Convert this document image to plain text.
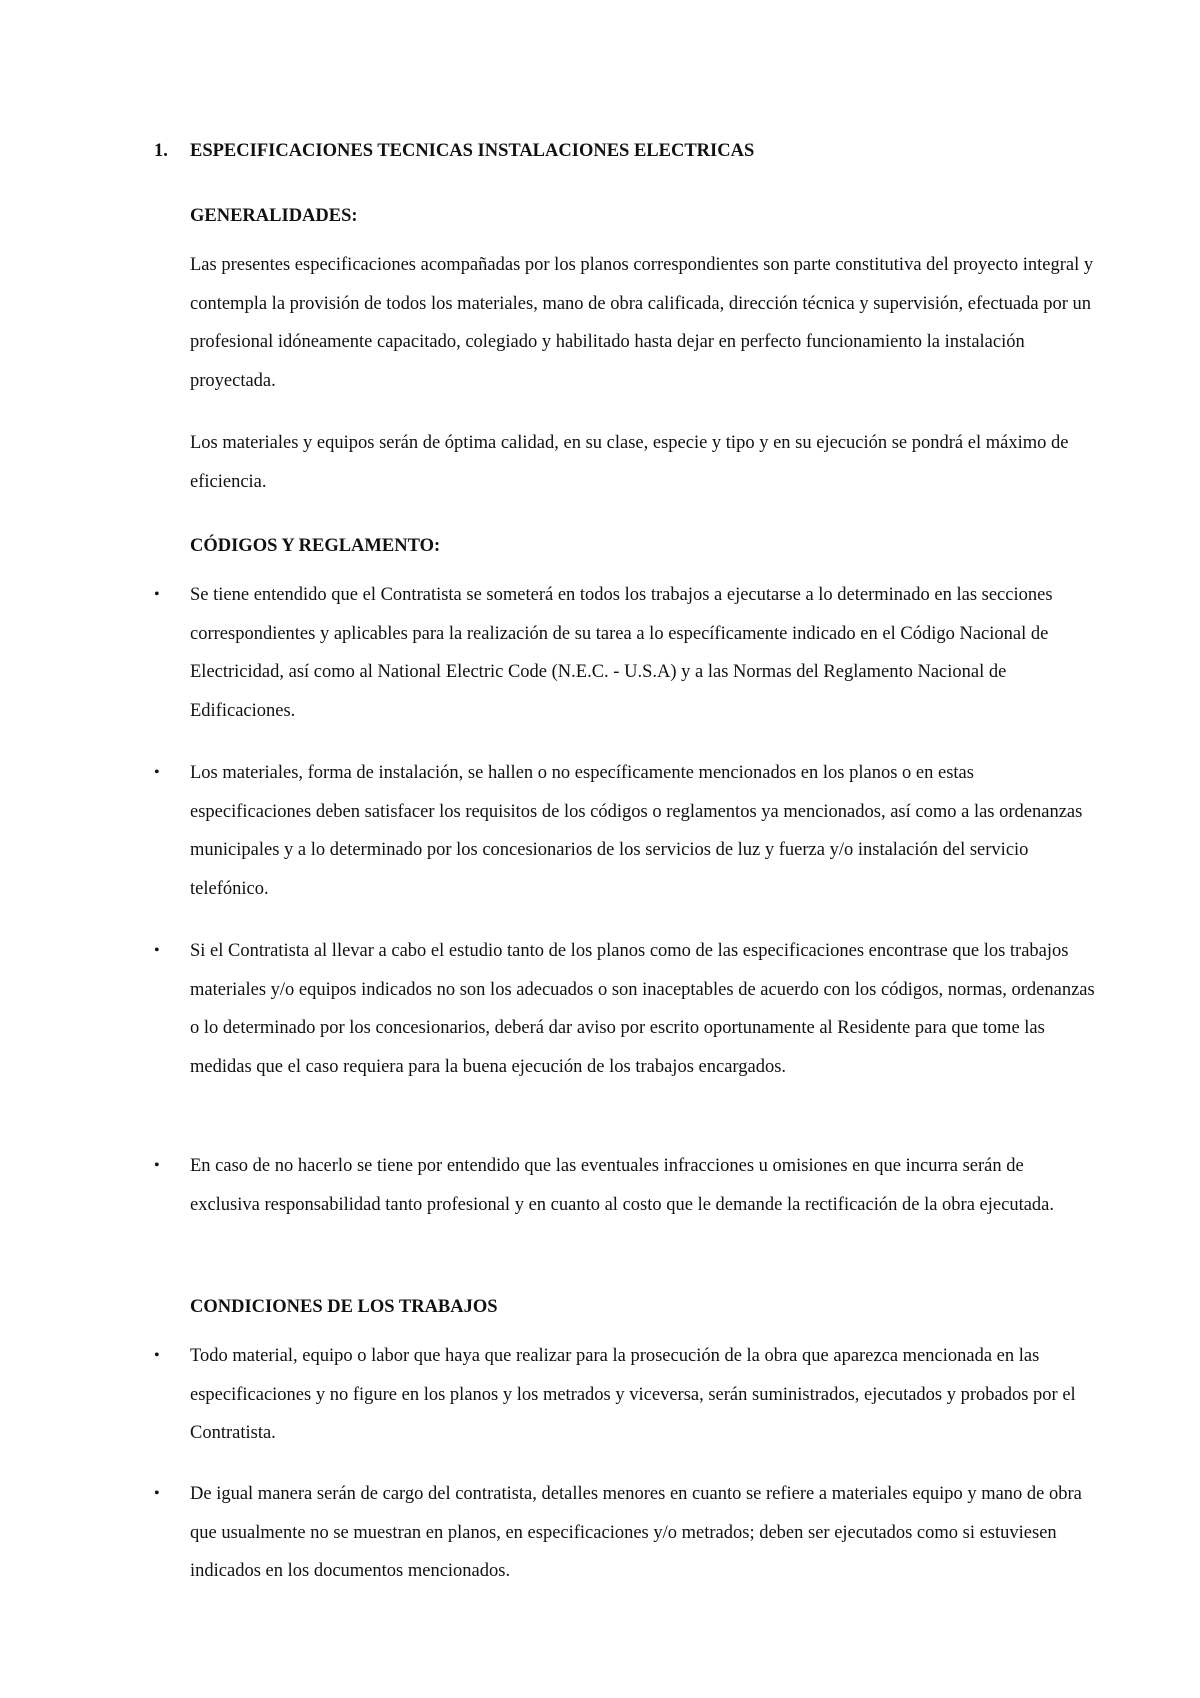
1. ESPECIFICACIONES TECNICAS INSTALACIONES ELECTRICAS
GENERALIDADES:

Las presentes especificaciones acompañadas por los planos correspondientes son parte constitutiva del proyecto integral y contempla la provisión de todos los materiales, mano de obra calificada, dirección técnica y supervisión, efectuada por un profesional idóneamente capacitado, colegiado y habilitado hasta dejar en perfecto funcionamiento la instalación proyectada.

Los materiales y equipos serán de óptima calidad, en su clase, especie y tipo y en su ejecución se pondrá el máximo de eficiencia.

CÓDIGOS Y REGLAMENTO:
• Se tiene entendido que el Contratista se someterá en todos los trabajos a ejecutarse a lo determinado en las secciones correspondientes y aplicables para la realización de su tarea a lo específicamente indicado en el Código Nacional de Electricidad, así como al National Electric Code (N.E.C. - U.S.A) y a las Normas del Reglamento Nacional de Edificaciones.

• Los materiales, forma de instalación, se hallen o no específicamente mencionados en los planos o en estas especificaciones deben satisfacer los requisitos de los códigos o reglamentos ya mencionados, así como a las ordenanzas municipales y a lo determinado por los concesionarios de los servicios de luz y fuerza y/o instalación del servicio telefónico.

• Si el Contratista al llevar a cabo el estudio tanto de los planos como de las especificaciones encontrase que los trabajos materiales y/o equipos indicados no son los adecuados o son inaceptables de acuerdo con los códigos, normas, ordenanzas o lo determinado por los concesionarios, deberá dar aviso por escrito oportunamente al Residente para que tome las medidas que el caso requiera para la buena ejecución de los trabajos encargados.

• En caso de no hacerlo se tiene por entendido que las eventuales infracciones u omisiones en que incurra serán de exclusiva responsabilidad tanto profesional y en cuanto al costo que le demande la rectificación de la obra ejecutada.

CONDICIONES DE LOS TRABAJOS
• Todo material, equipo o labor que haya que realizar para la prosecución de la obra que aparezca mencionada en las especificaciones y no figure en los planos y los metrados y viceversa, serán suministrados, ejecutados y probados por el Contratista.

• De igual manera serán de cargo del contratista, detalles menores en cuanto se refiere a materiales equipo y mano de obra que usualmente no se muestran en planos, en especificaciones y/o metrados; deben ser ejecutados como si estuviesen indicados en los documentos mencionados.
